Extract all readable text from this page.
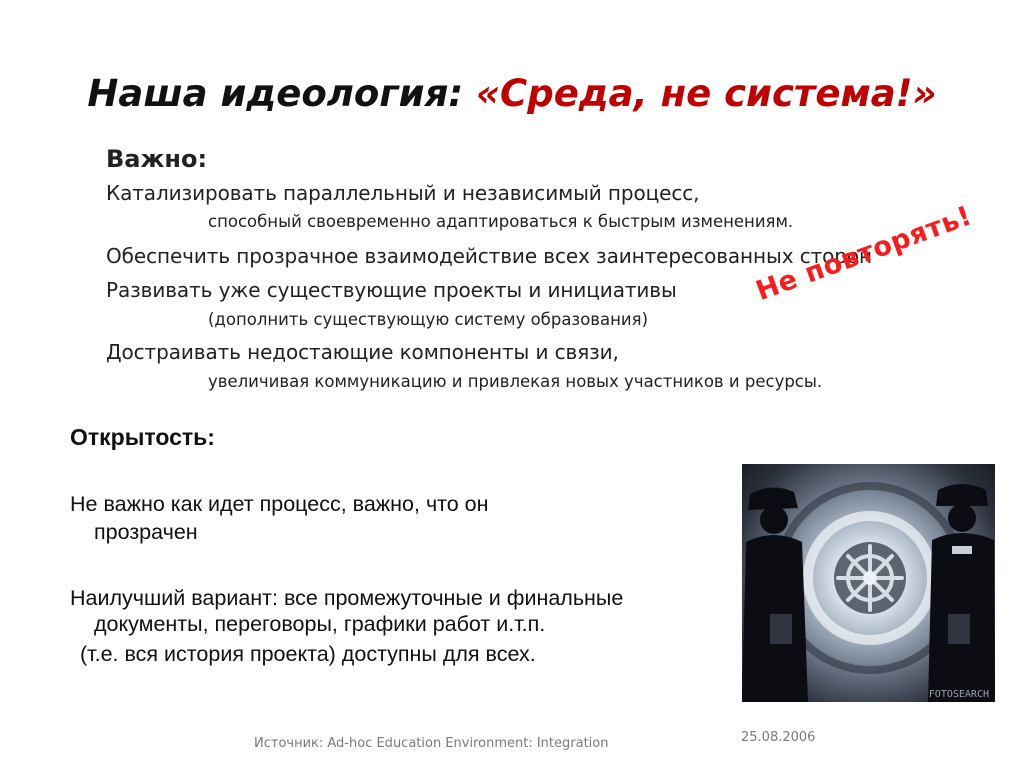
Наша идеология: «Среда, не система!»
Важно:
Катализировать параллельный и независимый процесс,
способный своевременно адаптироваться к быстрым изменениям.
Обеспечить прозрачное взаимодействие всех заинтересованных сторон
Развивать уже существующие проекты и инициативы
(дополнить существующую систему образования)
Достраивать недостающие компоненты и связи,
увеличивая коммуникацию и привлекая новых участников и ресурсы.
Не повторять!
Открытость:
Не важно как идет процесс, важно, что он
прозрачен
Наилучший вариант: все промежуточные и финальные
документы, переговоры, графики работ и.т.п.
(т.е. вся история проекта) доступны для всех.
FOTOSEARCH
Источник: Ad-hoc Education Environment: Integration	25.08.2006
